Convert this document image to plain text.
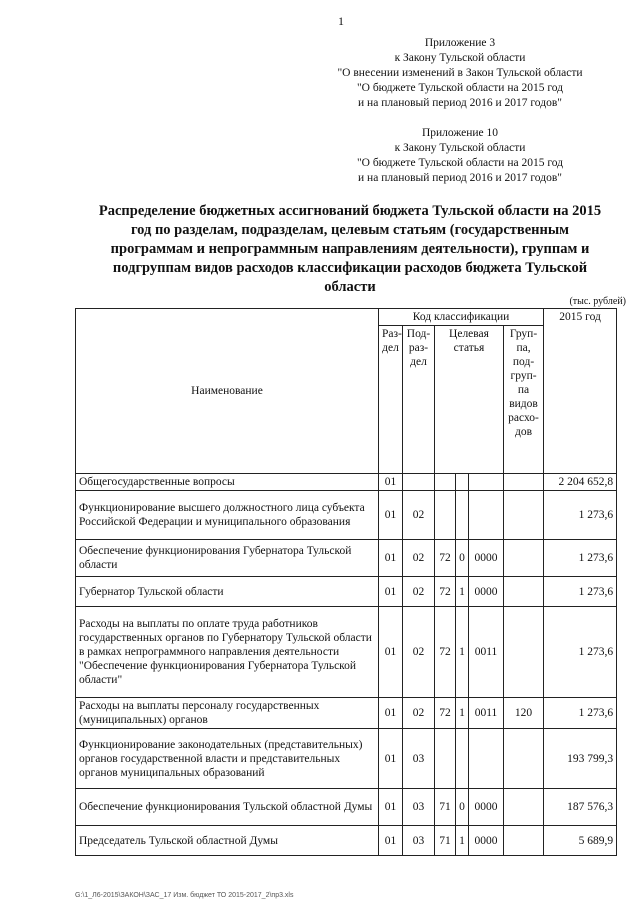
1
Приложение 3
к Закону Тульской области
"О внесении изменений в Закон Тульской области
"О бюджете Тульской области на 2015 год
и на плановый период 2016 и 2017 годов"
Приложение 10
к Закону Тульской области
"О бюджете Тульской области на 2015 год
и на плановый период 2016 и 2017 годов"
Распределение бюджетных ассигнований бюджета Тульской области на 2015
год по разделам, подразделам, целевым статьям (государственным
программам и непрограммным направлениям деятельности), группам и
подгруппам видов расходов классификации расходов бюджета Тульской
области
(тыс. рублей)
Наименование	Код классификации						2015 год
	Раз-дел	Под-раз-дел	Целевая статья			Груп-па, под-груп-па видов расхо-дов	
Общегосударственные вопросы	01						2 204 652,8
Функционирование высшего должностного лица субъекта Российской Федерации и муниципального образования	01	02					1 273,6
Обеспечение функционирования Губернатора Тульской области	01	02	72	0	0000		1 273,6
Губернатор Тульской области	01	02	72	1	0000		1 273,6
Расходы на выплаты по оплате труда работников государственных органов по Губернатору Тульской области в рамках непрограммного направления деятельности "Обеспечение функционирования Губернатора Тульской области"	01	02	72	1	0011		1 273,6
Расходы на выплаты персоналу государственных (муниципальных) органов	01	02	72	1	0011	120	1 273,6
Функционирование законодательных (представительных) органов государственной власти и представительных органов муниципальных образований	01	03					193 799,3
Обеспечение функционирования Тульской областной Думы	01	03	71	0	0000		187 576,3
Председатель Тульской областной Думы	01	03	71	1	0000		5 689,9
G:\1_Л6-2015\ЗАКОН\ЗАС_17 Изм. бюджет ТО 2015-2017_2\пр3.xls
